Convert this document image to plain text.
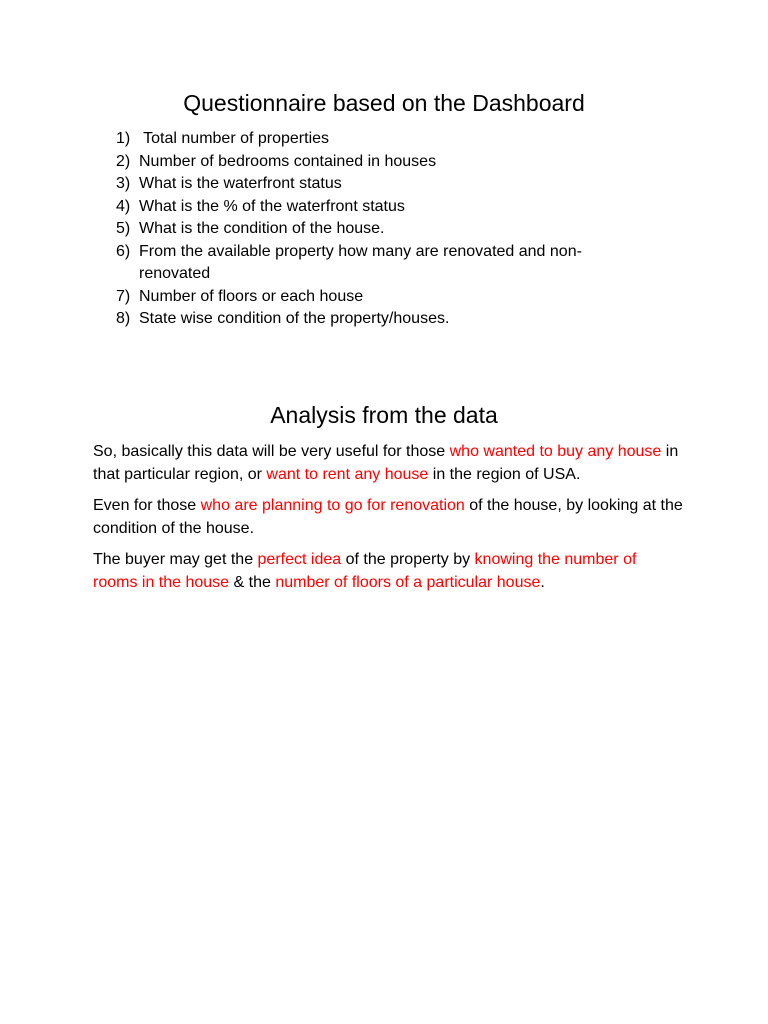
Questionnaire based on the Dashboard
1) Total number of properties
2) Number of bedrooms contained in houses
3) What is the waterfront status
4) What is the % of the waterfront status
5) What is the condition of the house.
6) From the available property how many are renovated and non-renovated
7) Number of floors or each house
8) State wise condition of the property/houses.
Analysis from the data

So, basically this data will be very useful for those who wanted to buy any house in that particular region, or want to rent any house in the region of USA.

Even for those who are planning to go for renovation of the house, by looking at the condition of the house.

The buyer may get the perfect idea of the property by knowing the number of rooms in the house & the number of floors of a particular house.
